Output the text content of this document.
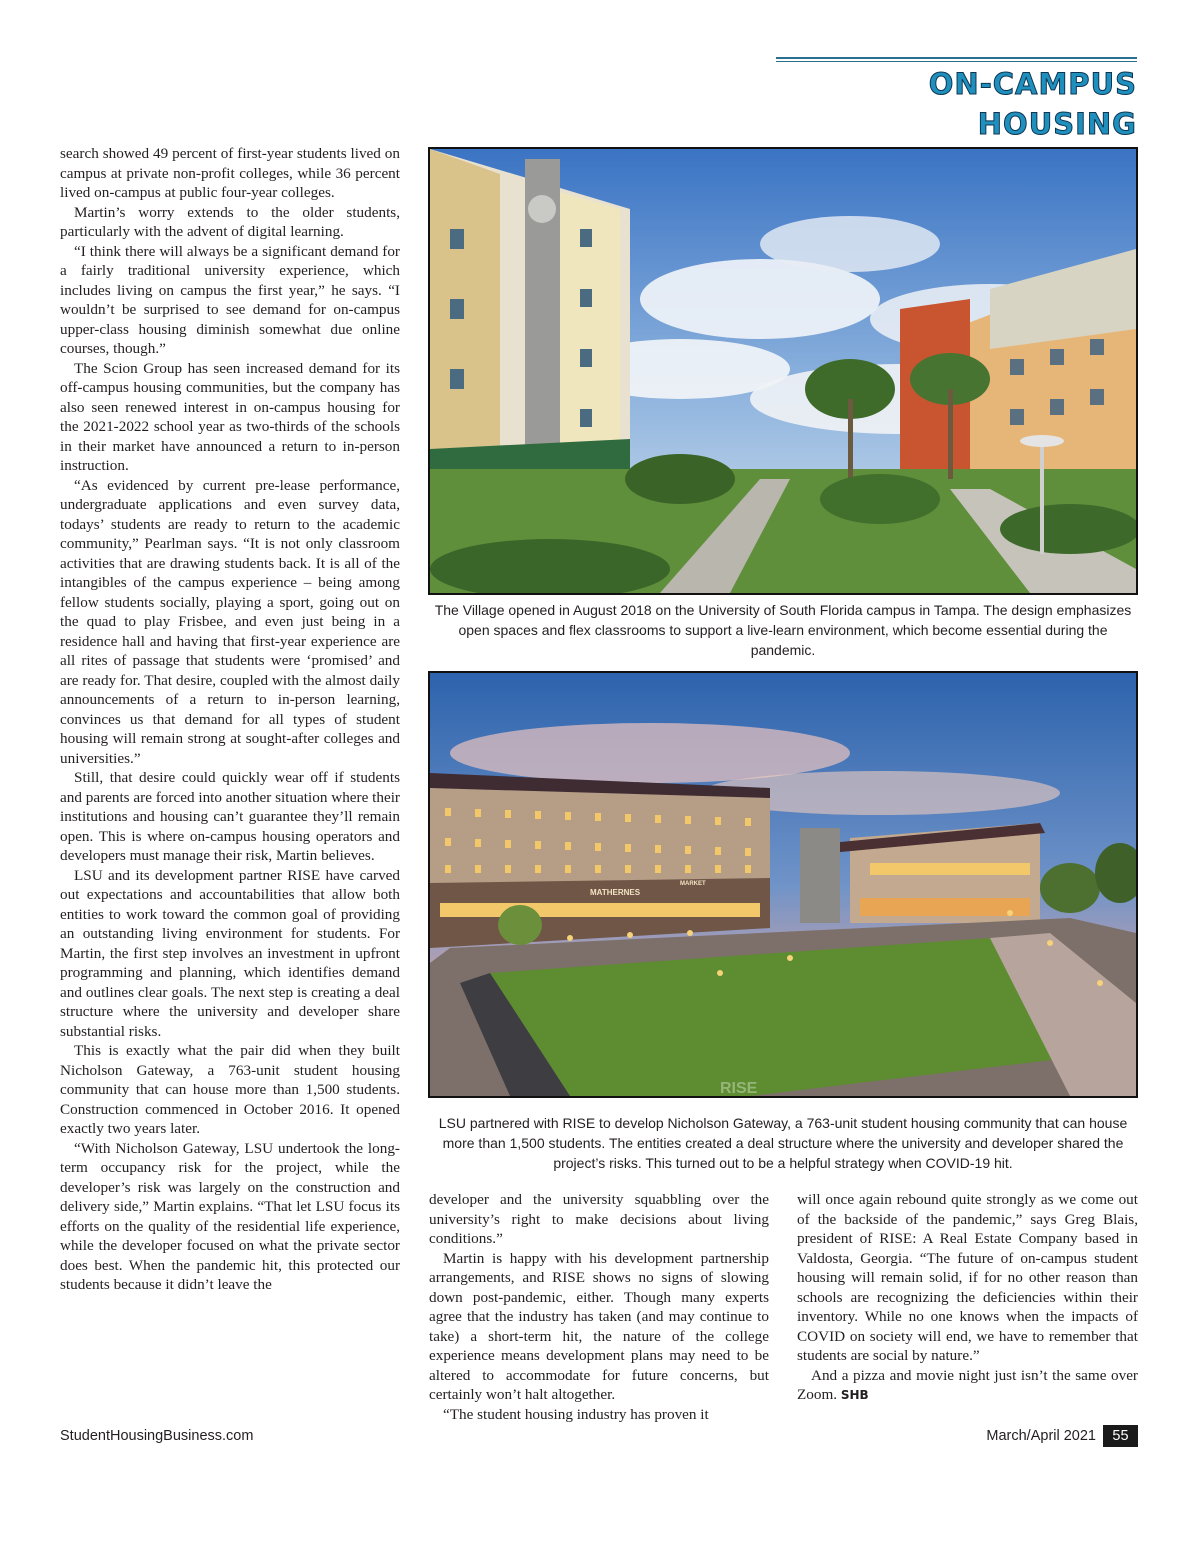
ON-CAMPUS HOUSING

search showed 49 percent of first-year students lived on campus at private non-profit colleges, while 36 percent lived on-campus at public four-year colleges.

Martin’s worry extends to the older students, particularly with the advent of digital learning.

“I think there will always be a significant demand for a fairly traditional university experience, which includes living on campus the first year,” he says. “I wouldn’t be surprised to see demand for on-campus upper-class housing diminish somewhat due online courses, though.”

The Scion Group has seen increased demand for its off-campus housing communities, but the company has also seen renewed interest in on-campus housing for the 2021-2022 school year as two-thirds of the schools in their market have announced a return to in-person instruction.

“As evidenced by current pre-lease performance, undergraduate applications and even survey data, todays’ students are ready to return to the academic community,” Pearlman says. “It is not only classroom activities that are drawing students back. It is all of the intangibles of the campus experience – being among fellow students socially, playing a sport, going out on the quad to play Frisbee, and even just being in a residence hall and having that first-year experience are all rites of passage that students were ‘promised’ and are ready for. That desire, coupled with the almost daily announcements of a return to in-person learning, convinces us that demand for all types of student housing will remain strong at sought-after colleges and universities.”

Still, that desire could quickly wear off if students and parents are forced into another situation where their institutions and housing can’t guarantee they’ll remain open. This is where on-campus housing operators and developers must manage their risk, Martin believes.

LSU and its development partner RISE have carved out expectations and accountabilities that allow both entities to work toward the common goal of providing an outstanding living environment for students. For Martin, the first step involves an investment in upfront programming and planning, which identifies demand and outlines clear goals. The next step is creating a deal structure where the university and developer share substantial risks.

This is exactly what the pair did when they built Nicholson Gateway, a 763-unit student housing community that can house more than 1,500 students. Construction commenced in October 2016. It opened exactly two years later.

“With Nicholson Gateway, LSU undertook the long-term occupancy risk for the project, while the developer’s risk was largely on the construction and delivery side,” Martin explains. “That let LSU focus its efforts on the quality of the residential life experience, while the developer focused on what the private sector does best. When the pandemic hit, this protected our students because it didn’t leave the

The Village opened in August 2018 on the University of South Florida campus in Tampa. The design emphasizes open spaces and flex classrooms to support a live-learn environment, which become essential during the pandemic.
MATHERNES
MARKET
RISE
LSU partnered with RISE to develop Nicholson Gateway, a 763-unit student housing community that can house more than 1,500 students. The entities created a deal structure where the university and developer shared the project’s risks. This turned out to be a helpful strategy when COVID-19 hit.

developer and the university squabbling over the university’s right to make decisions about living conditions.”

Martin is happy with his development partnership arrangements, and RISE shows no signs of slowing down post-pandemic, either. Though many experts agree that the industry has taken (and may continue to take) a short-term hit, the nature of the college experience means development plans may need to be altered to accommodate for future concerns, but certainly won’t halt altogether.

“The student housing industry has proven it

will once again rebound quite strongly as we come out of the backside of the pandemic,” says Greg Blais, president of RISE: A Real Estate Company based in Valdosta, Georgia. “The future of on-campus student housing will remain solid, if for no other reason than schools are recognizing the deficiencies within their inventory. While no one knows when the impacts of COVID on society will end, we have to remember that students are social by nature.”

And a pizza and movie night just isn’t the same over Zoom. SHB

StudentHousingBusiness.com	March/April 2021	55
